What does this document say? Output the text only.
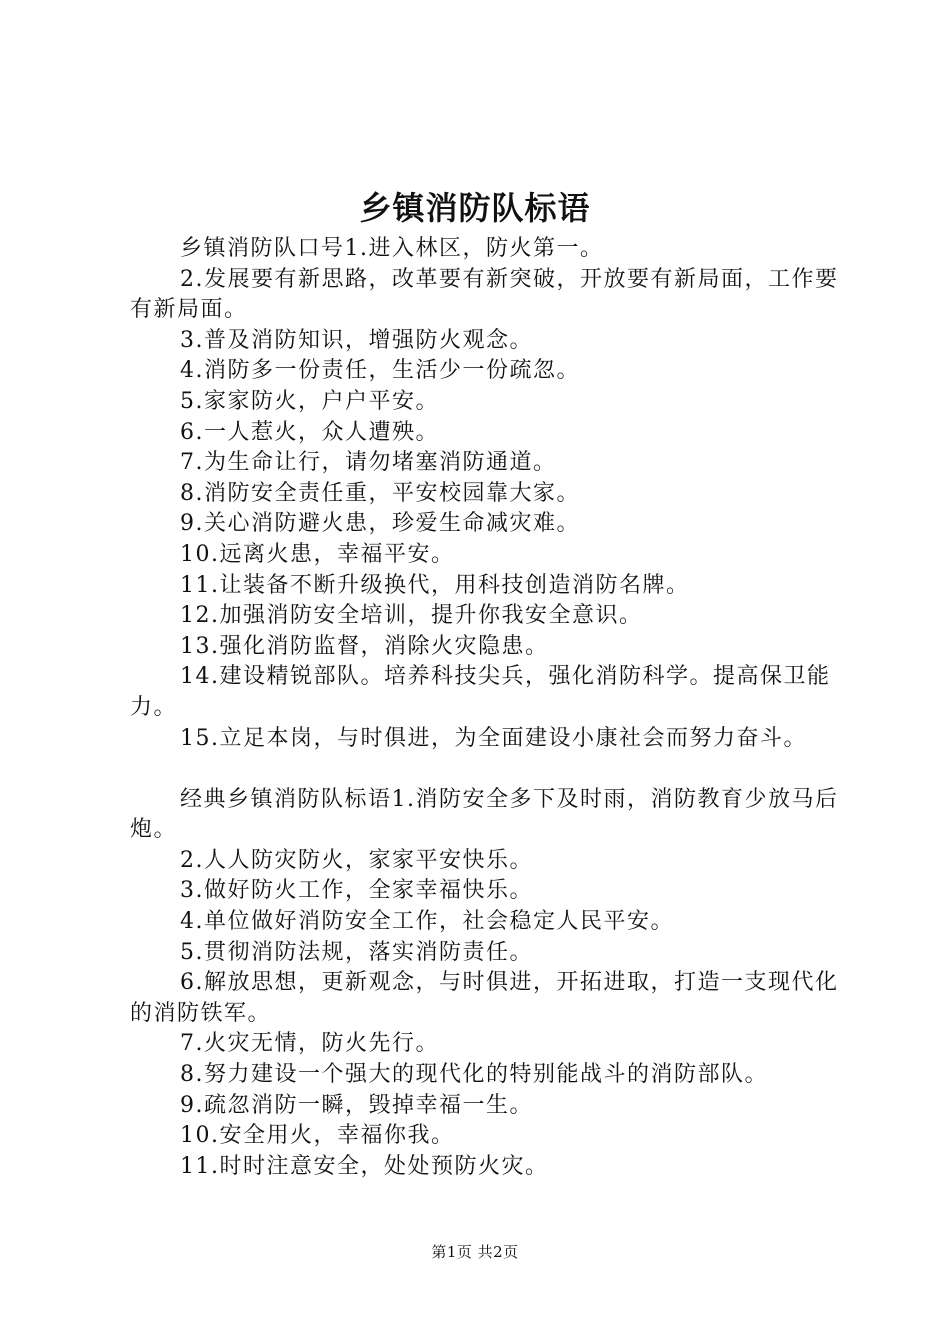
乡镇消防队标语

乡镇消防队口号1.进入林区，防火第一。

2.发展要有新思路，改革要有新突破，开放要有新局面，工作要有新局面。

3.普及消防知识，增强防火观念。

4.消防多一份责任，生活少一份疏忽。

5.家家防火，户户平安。

6.一人惹火，众人遭殃。

7.为生命让行，请勿堵塞消防通道。

8.消防安全责任重，平安校园靠大家。

9.关心消防避火患，珍爱生命减灾难。

10.远离火患，幸福平安。

11.让装备不断升级换代，用科技创造消防名牌。

12.加强消防安全培训，提升你我安全意识。

13.强化消防监督，消除火灾隐患。

14.建设精锐部队。培养科技尖兵，强化消防科学。提高保卫能力。

15.立足本岗，与时俱进，为全面建设小康社会而努力奋斗。

经典乡镇消防队标语1.消防安全多下及时雨，消防教育少放马后炮。

2.人人防灾防火，家家平安快乐。

3.做好防火工作，全家幸福快乐。

4.单位做好消防安全工作，社会稳定人民平安。

5.贯彻消防法规，落实消防责任。

6.解放思想，更新观念，与时俱进，开拓进取，打造一支现代化的消防铁军。

7.火灾无情，防火先行。

8.努力建设一个强大的现代化的特别能战斗的消防部队。

9.疏忽消防一瞬，毁掉幸福一生。

10.安全用火，幸福你我。

11.时时注意安全，处处预防火灾。

第1页 共2页
